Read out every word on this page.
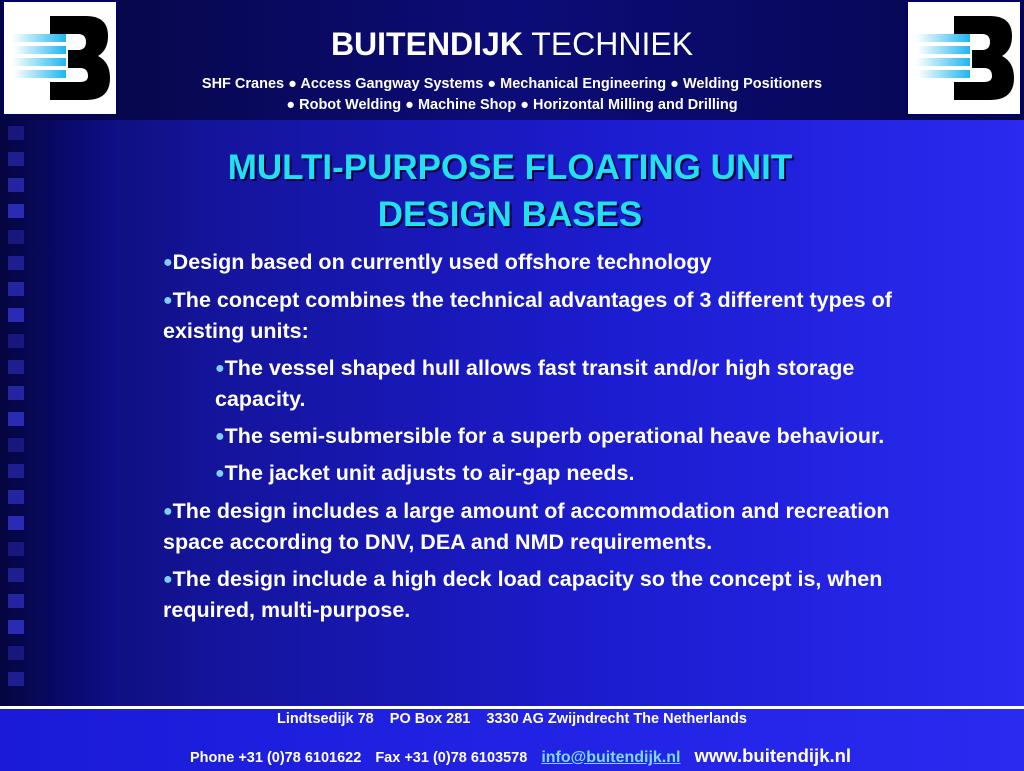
BUITENDIJK TECHNIEK
SHF Cranes ● Access Gangway Systems ● Mechanical Engineering ● Welding Positioners
● Robot Welding ● Machine Shop ● Horizontal Milling and Drilling
MULTI-PURPOSE FLOATING UNIT
DESIGN BASES
●Design based on currently used offshore technology
●The concept combines the technical advantages of 3 different types of existing units:
●The vessel shaped hull allows fast transit and/or high storage capacity.
●The semi-submersible for a superb operational heave behaviour.
●The jacket unit adjusts to air-gap needs.
●The design includes a large amount of accommodation and recreation space according to DNV, DEA and NMD requirements.
●The design include a high deck load capacity so the concept is, when required, multi-purpose.
Lindtsedijk 78 PO Box 281 3330 AG Zwijndrecht The Netherlands
Phone +31 (0)78 6101622 Fax +31 (0)78 6103578 info@buitendijk.nl www.buitendijk.nl
